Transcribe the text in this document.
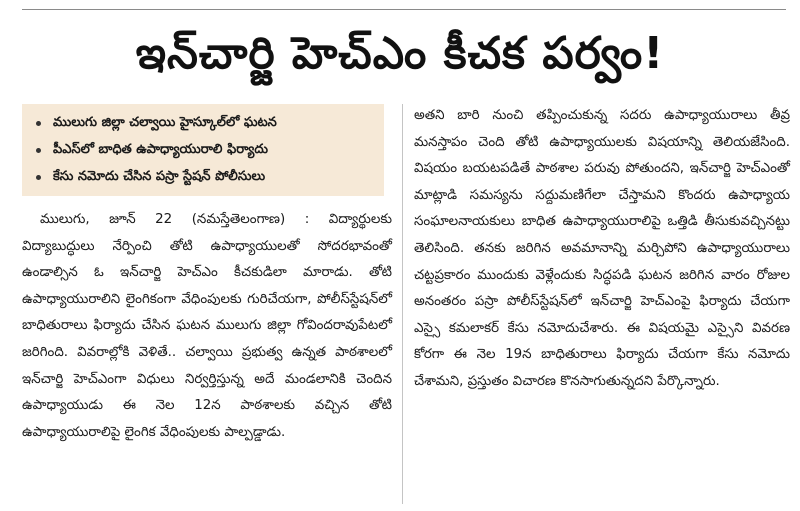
ఇన్‌చార్జి హెచ్‌ఎం కీచక పర్వం!
ములుగు జిల్లా చల్వాయి హైస్కూల్‌లో ఘటన
పీఎస్‌లో బాధిత ఉపాధ్యాయురాలి ఫిర్యాదు
కేసు నమోదు చేసిన పస్రా స్టేషన్‌ పోలీసులు

ములుగు, జూన్‌ 22 (నమస్తేతెలంగాణ) : విద్యార్థులకు విద్యాబుద్ధులు నేర్పించి తోటి ఉపాధ్యాయులతో సోదరభావంతో ఉండాల్సిన ఓ ఇన్‌చార్జి హెచ్‌ఎం కీచకుడిలా మారాడు. తోటి ఉపాధ్యాయురాలిని లైంగికంగా వేధింపులకు గురిచేయగా, పోలీస్‌స్టేషన్‌లో బాధితురాలు ఫిర్యాదు చేసిన ఘటన ములుగు జిల్లా గోవిందరావుపేటలో జరిగింది. వివరాల్లోకి వెళితే.. చల్వాయి ప్రభుత్వ ఉన్నత పాఠశాలలో ఇన్‌చార్జి హెచ్‌ఎంగా విధులు నిర్వర్తిస్తున్న అదే మండలానికి చెందిన ఉపాధ్యాయుడు ఈ నెల 12న పాఠశాలకు వచ్చిన తోటి ఉపాధ్యాయురాలిపై లైంగిక వేధింపులకు పాల్పడ్డాడు.

అతని బారి నుంచి తప్పించుకున్న సదరు ఉపాధ్యాయురాలు తీవ్ర మనస్తాపం చెంది తోటి ఉపాధ్యాయులకు విషయాన్ని తెలియజేసింది. విషయం బయటపడితే పాఠశాల పరువు పోతుందని, ఇన్‌చార్జి హెచ్‌ఎంతో మాట్లాడి సమస్యను సద్దుమణిగేలా చేస్తామని కొందరు ఉపాధ్యాయ సంఘాలనాయకులు బాధిత ఉపాధ్యాయురాలిపై ఒత్తిడి తీసుకువచ్చినట్టు తెలిసింది. తనకు జరిగిన అవమానాన్ని మర్చిపోని ఉపాధ్యాయురాలు చట్టప్రకారం ముందుకు వెళ్లేందుకు సిద్ధపడి ఘటన జరిగిన వారం రోజుల అనంతరం పస్రా పోలీస్‌స్టేషన్‌లో ఇన్‌చార్జి హెచ్‌ఎంపై ఫిర్యాదు చేయగా ఎస్సై కమలాకర్‌ కేసు నమోదుచేశారు. ఈ విషయమై ఎస్సైని వివరణ కోరగా ఈ నెల 19న బాధితురాలు ఫిర్యాదు చేయగా కేసు నమోదు చేశామని, ప్రస్తుతం విచారణ కొనసాగుతున్నదని పేర్కొన్నారు.
